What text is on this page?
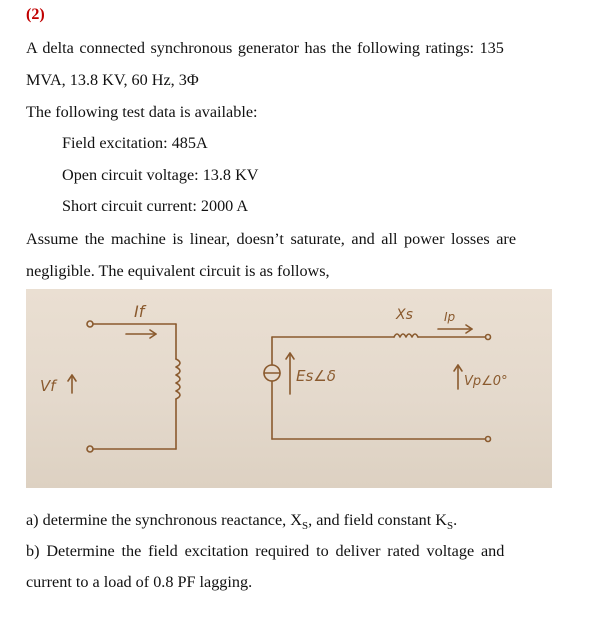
(2)
A delta connected synchronous generator has the following ratings: 135
MVA, 13.8 KV, 60 Hz, 3Φ
The following test data is available:
Field excitation: 485A
Open circuit voltage: 13.8 KV
Short circuit current: 2000 A
Assume the machine is linear, doesn’t saturate, and all power losses are
negligible. The equivalent circuit is as follows,
If
Vf
Es∠δ
Xs	Ip
Vp∠0°
a) determine the synchronous reactance, $X_S$, and field constant $K_S$.
b) Determine the field excitation required to deliver rated voltage and
current to a load of 0.8 PF lagging.
